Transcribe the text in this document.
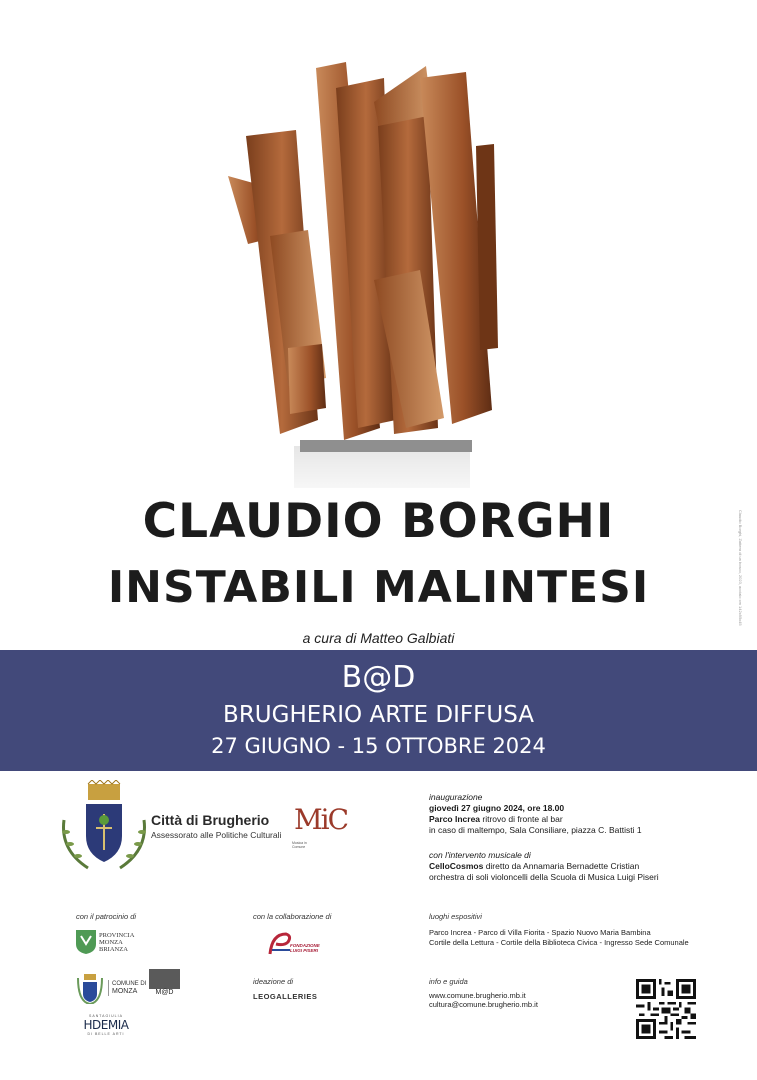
CLAUDIO BORGHI
INSTABILI MALINTESI
a cura di Matteo Galbiati
Claudio Borghi, Zattera di un bosco, 2023, acciaio cm 142x95x45
B@D
BRUGHERIO ARTE DIFFUSA
27 GIUGNO - 15 OTTOBRE 2024
Città di Brugherio
Assessorato alle Politiche Culturali MiC
Musica in Comune
inaugurazione
giovedì 27 giugno 2024, ore 18.00
Parco Increa ritrovo di fronte al bar
in caso di maltempo, Sala Consiliare, piazza C. Battisti 1
con l'intervento musicale di
CelloCosmos diretto da Annamaria Bernadette Cristian
orchestra di soli violoncelli della Scuola di Musica Luigi Piseri
con il patrocinio di
PROVINCIA
MONZA
BRIANZA
COMUNE DI
MONZA	M@D
SANTAGIULIA
HDEMIA
DI BELLE ARTI
con la collaborazione di
FONDAZIONE
LUIGI PISERI
ideazione di
LEOGALLERIES
luoghi espositivi
Parco Increa - Parco di Villa Fiorita - Spazio Nuovo Maria Bambina
Cortile della Lettura - Cortile della Biblioteca Civica - Ingresso Sede Comunale
info e guida
www.comune.brugherio.mb.it
cultura@comune.brugherio.mb.it
